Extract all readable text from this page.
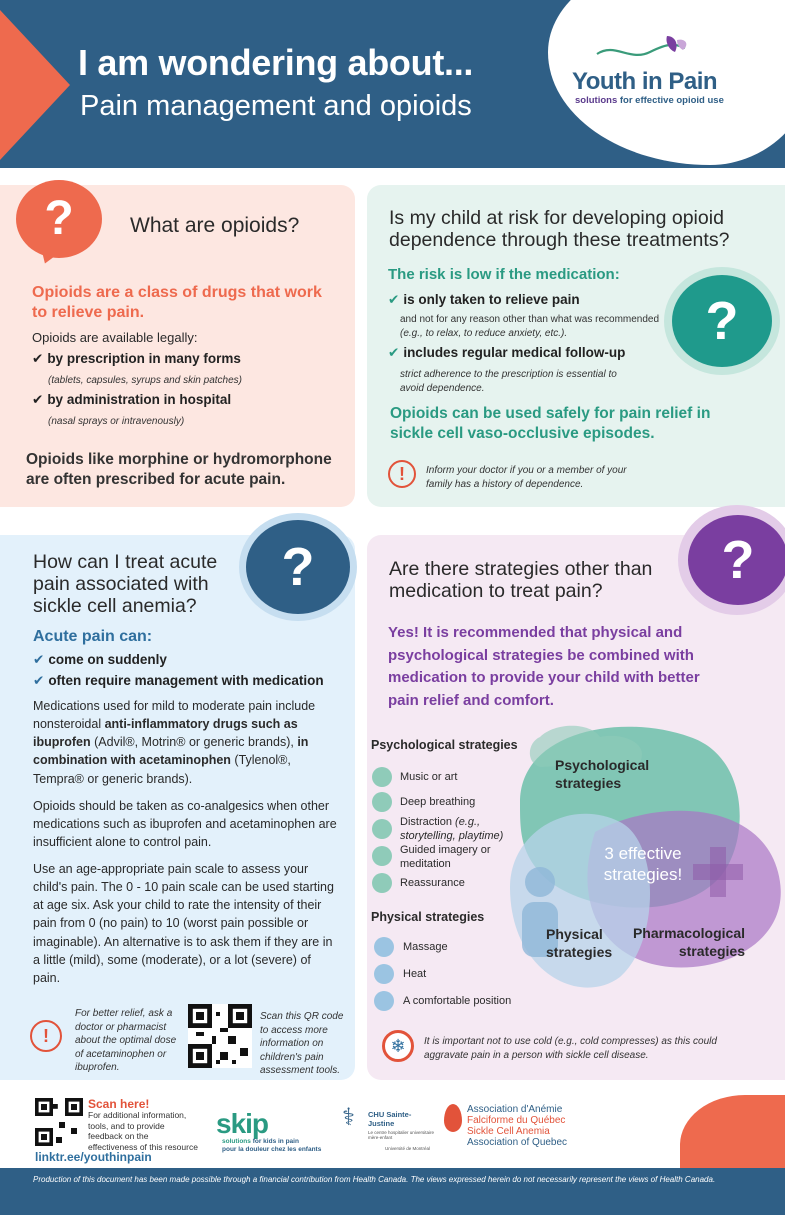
I am wondering about...
Pain management and opioids
Youth in Pain
solutions for effective opioid use
?	What are opioids?
Opioids are a class of drugs that work to relieve pain.
Opioids are available legally:
✔ by prescription in many forms
(tablets, capsules, syrups and skin patches)
✔ by administration in hospital
(nasal sprays or intravenously)
Opioids like morphine or hydromorphone are often prescribed for acute pain.
Is my child at risk for developing opioid dependence through these treatments?
The risk is low if the medication:
✔ is only taken to relieve pain
and not for any reason other than what was recommended (e.g., to relax, to reduce anxiety, etc.).
✔ includes regular medical follow-up
strict adherence to the prescription is essential to avoid dependence.
?
Opioids can be used safely for pain relief in sickle cell vaso-occlusive episodes.
!	Inform your doctor if you or a member of your family has a history of dependence.
?
How can I treat acute pain associated with sickle cell anemia?
Acute pain can:
✔ come on suddenly
✔ often require management with medication
Medications used for mild to moderate pain include nonsteroidal anti-inflammatory drugs such as ibuprofen (Advil®, Motrin® or generic brands), in combination with acetaminophen (Tylenol®, Tempra® or generic brands).
Opioids should be taken as co-analgesics when other medications such as ibuprofen and acetaminophen are insufficient alone to control pain.
Use an age-appropriate pain scale to assess your child's pain. The 0 - 10 pain scale can be used starting at age six. Ask your child to rate the intensity of their pain from 0 (no pain) to 10 (worst pain possible or imaginable). An alternative is to ask them if they are in a little (mild), some (moderate), or a lot (severe) of pain.
!
For better relief, ask a doctor or pharmacist about the optimal dose of acetaminophen or ibuprofen.
Scan this QR code to access more information on children's pain assessment tools.
?
Are there strategies other than medication to treat pain?
Yes! It is recommended that physical and psychological strategies be combined with medication to provide your child with better pain relief and comfort.
Psychological strategies
Music or art
Deep breathing
Distraction (e.g., storytelling, playtime)
Guided imagery or meditation
Reassurance
Physical strategies
Massage
Heat
A comfortable position
Psychological strategies
3 effective strategies!
Physical strategies
Pharmacological strategies
❄	It is important not to use cold (e.g., cold compresses) as this could aggravate pain in a person with sickle cell disease.
Scan here!
For additional information, tools, and to provide feedback on the effectiveness of this resource
linktr.ee/youthinpain
skip
solutions for kids in pain
pour la douleur chez les enfants
⚕	CHU Sainte-Justine
Le centre hospitalier universitaire mère-enfant
Université de Montréal
Association d'Anémie
Falciforme du Québec
Sickle Cell Anemia
Association of Quebec
Production of this document has been made possible through a financial contribution from Health Canada. The views expressed herein do not necessarily represent the views of Health Canada.
